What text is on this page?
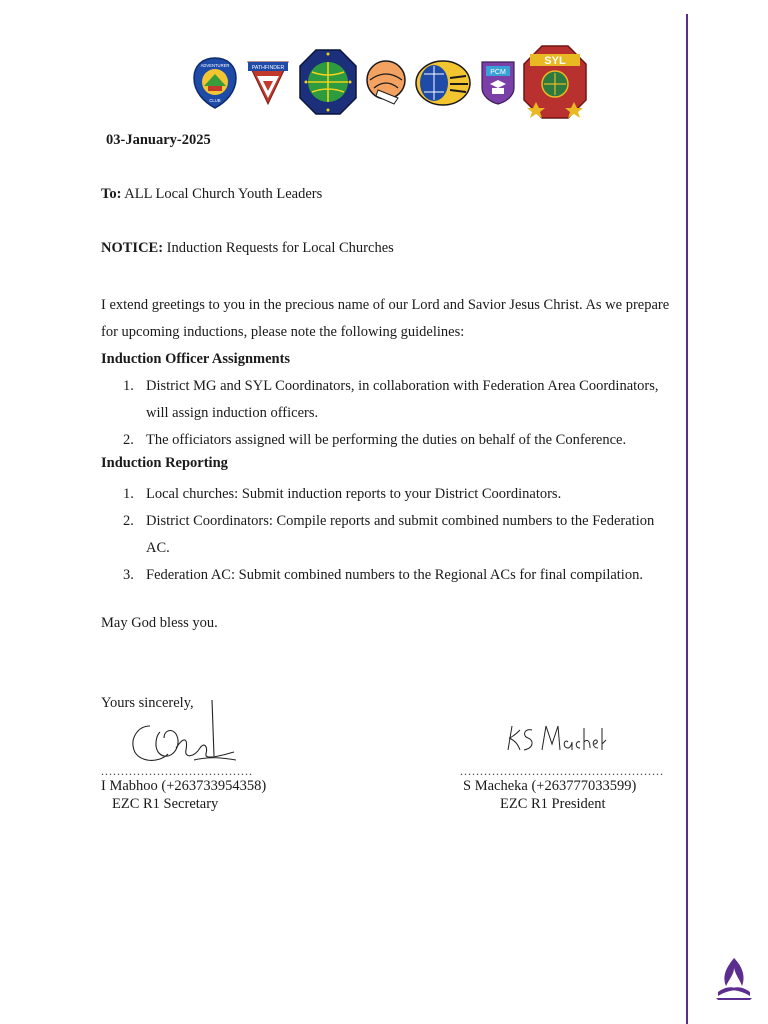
ADVENTURER
CLUB
PATHFINDER
PCM
SYL
03-January-2025
To: ALL Local Church Youth Leaders
NOTICE: Induction Requests for Local Churches
I extend greetings to you in the precious name of our Lord and Savior Jesus Christ. As we prepare
for upcoming inductions, please note the following guidelines:
Induction Officer Assignments
1. District MG and SYL Coordinators, in collaboration with Federation Area Coordinators,
will assign induction officers.
2. The officiators assigned will be performing the duties on behalf of the Conference.
Induction Reporting
1. Local churches: Submit induction reports to your District Coordinators.
2. District Coordinators: Compile reports and submit combined numbers to the Federation
AC.
3. Federation AC: Submit combined numbers to the Regional ACs for final compilation.
May God bless you.
Yours sincerely,
......................................
I Mabhoo (+263733954358)
EZC R1 Secretary
...................................................
S Macheka (+263777033599)
EZC R1 President
